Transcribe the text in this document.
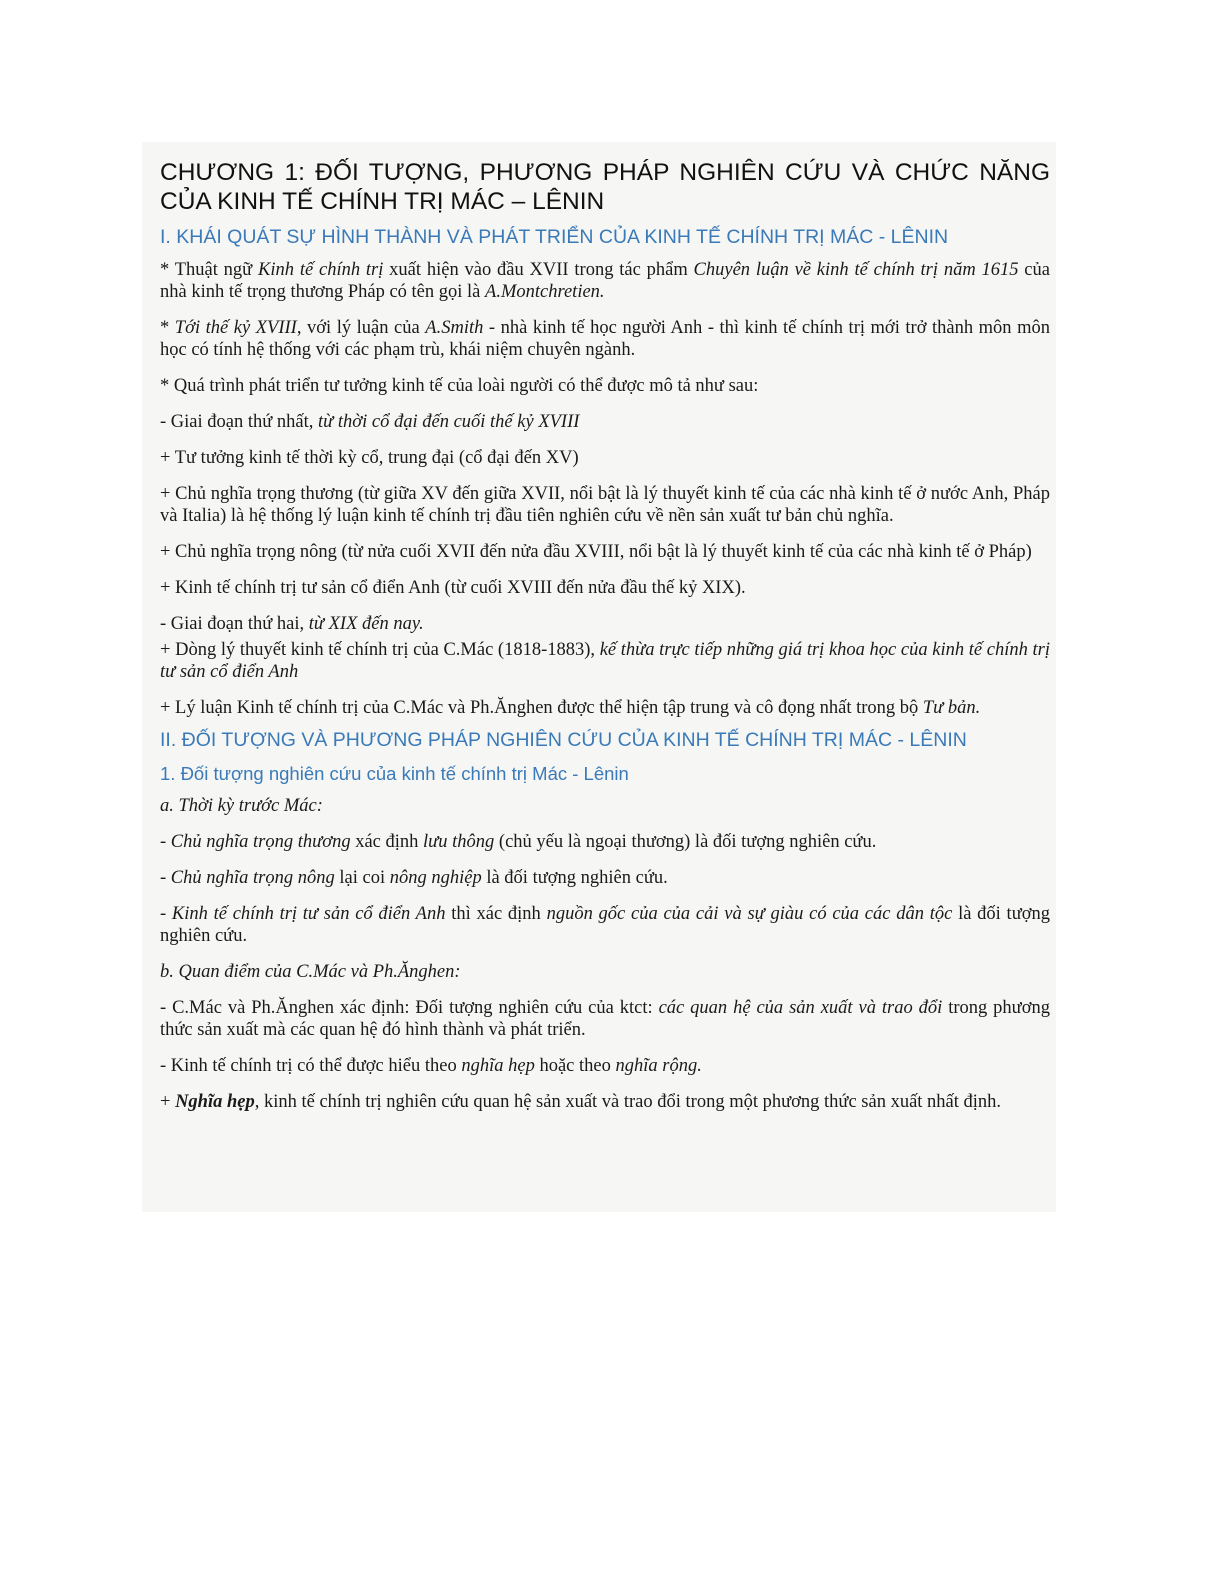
CHƯƠNG 1: ĐỐI TƯỢNG, PHƯƠNG PHÁP NGHIÊN CỨU VÀ CHỨC NĂNG CỦA KINH TẾ CHÍNH TRỊ MÁC – LÊNIN
I. KHÁI QUÁT SỰ HÌNH THÀNH VÀ PHÁT TRIỂN CỦA KINH TẾ CHÍNH TRỊ MÁC - LÊNIN

* Thuật ngữ Kinh tế chính trị xuất hiện vào đầu XVII trong tác phẩm Chuyên luận về kinh tế chính trị năm 1615 của nhà kinh tế trọng thương Pháp có tên gọi là A.Montchretien.

* Tới thế kỷ XVIII, với lý luận của A.Smith - nhà kinh tế học người Anh - thì kinh tế chính trị mới trở thành môn môn học có tính hệ thống với các phạm trù, khái niệm chuyên ngành.

* Quá trình phát triển tư tưởng kinh tế của loài người có thể được mô tả như sau:

- Giai đoạn thứ nhất, từ thời cổ đại đến cuối thế kỷ XVIII

+ Tư tưởng kinh tế thời kỳ cổ, trung đại (cổ đại đến XV)

+ Chủ nghĩa trọng thương (từ giữa XV đến giữa XVII, nổi bật là lý thuyết kinh tế của các nhà kinh tế ở nước Anh, Pháp và Italia) là hệ thống lý luận kinh tế chính trị đầu tiên nghiên cứu về nền sản xuất tư bản chủ nghĩa.

+ Chủ nghĩa trọng nông (từ nửa cuối XVII đến nửa đầu XVIII, nổi bật là lý thuyết kinh tế của các nhà kinh tế ở Pháp)

+ Kinh tế chính trị tư sản cổ điển Anh (từ cuối XVIII đến nửa đầu thế kỷ XIX).

- Giai đoạn thứ hai, từ XIX đến nay.

+ Dòng lý thuyết kinh tế chính trị của C.Mác (1818-1883), kế thừa trực tiếp những giá trị khoa học của kinh tế chính trị tư sản cổ điển Anh

+ Lý luận Kinh tế chính trị của C.Mác và Ph.Ănghen được thể hiện tập trung và cô đọng nhất trong bộ Tư bản.

II. ĐỐI TƯỢNG VÀ PHƯƠNG PHÁP NGHIÊN CỨU CỦA KINH TẾ CHÍNH TRỊ MÁC - LÊNIN
1. Đối tượng nghiên cứu của kinh tế chính trị Mác - Lênin

a. Thời kỳ trước Mác:

- Chủ nghĩa trọng thương xác định lưu thông (chủ yếu là ngoại thương) là đối tượng nghiên cứu.

- Chủ nghĩa trọng nông lại coi nông nghiệp là đối tượng nghiên cứu.

- Kinh tế chính trị tư sản cổ điển Anh thì xác định nguồn gốc của của cải và sự giàu có của các dân tộc là đối tượng nghiên cứu.

b. Quan điểm của C.Mác và Ph.Ănghen:

- C.Mác và Ph.Ănghen xác định: Đối tượng nghiên cứu của ktct: các quan hệ của sản xuất và trao đổi trong phương thức sản xuất mà các quan hệ đó hình thành và phát triển.

- Kinh tế chính trị có thể được hiểu theo nghĩa hẹp hoặc theo nghĩa rộng.

+ Nghĩa hẹp, kinh tế chính trị nghiên cứu quan hệ sản xuất và trao đổi trong một phương thức sản xuất nhất định.
